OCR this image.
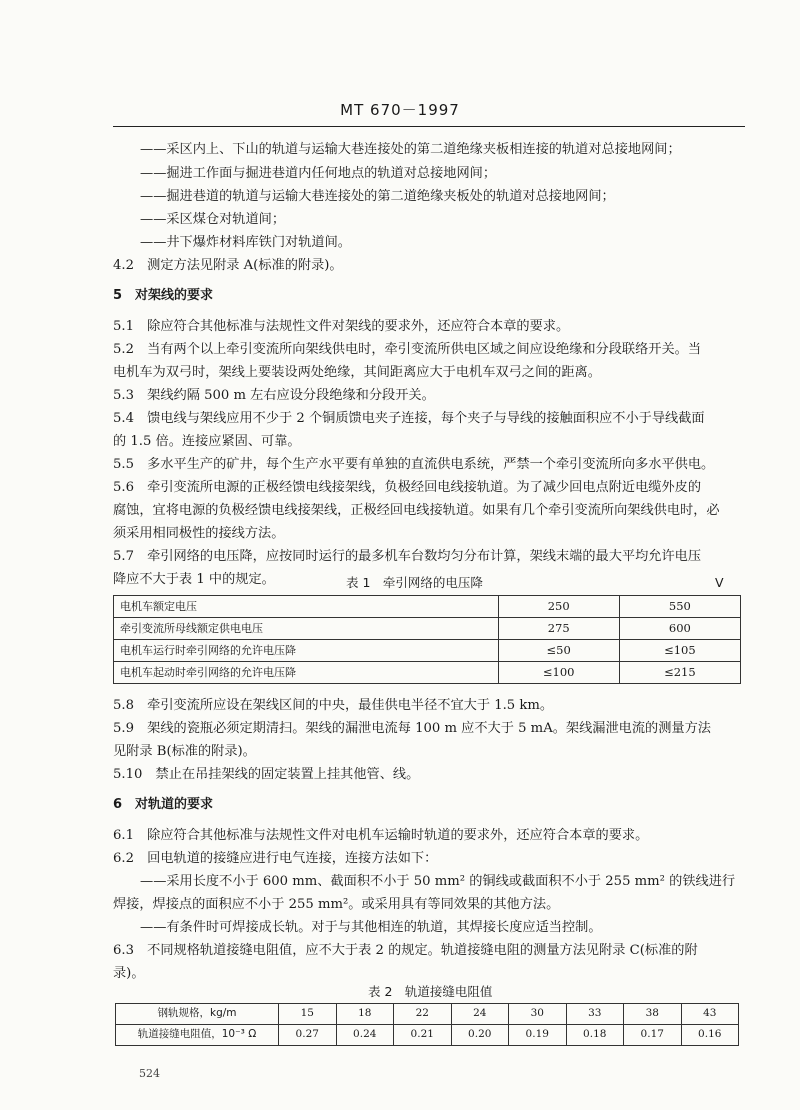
MT 670－1997
——采区内上、下山的轨道与运输大巷连接处的第二道绝缘夹板相连接的轨道对总接地网间；
——掘进工作面与掘进巷道内任何地点的轨道对总接地网间；
——掘进巷道的轨道与运输大巷连接处的第二道绝缘夹板处的轨道对总接地网间；
——采区煤仓对轨道间；
——井下爆炸材料库铁门对轨道间。
4.2　测定方法见附录 A(标准的附录)。
5　对架线的要求
5.1　除应符合其他标准与法规性文件对架线的要求外，还应符合本章的要求。
5.2　当有两个以上牵引变流所向架线供电时，牵引变流所供电区域之间应设绝缘和分段联络开关。当
电机车为双弓时，架线上要装设两处绝缘，其间距离应大于电机车双弓之间的距离。
5.3　架线约隔 500 m 左右应设分段绝缘和分段开关。
5.4　馈电线与架线应用不少于 2 个铜质馈电夹子连接，每个夹子与导线的接触面积应不小于导线截面
的 1.5 倍。连接应紧固、可靠。
5.5　多水平生产的矿井，每个生产水平要有单独的直流供电系统，严禁一个牵引变流所向多水平供电。
5.6　牵引变流所电源的正极经馈电线接架线，负极经回电线接轨道。为了减少回电点附近电缆外皮的
腐蚀，宜将电源的负极经馈电线接架线，正极经回电线接轨道。如果有几个牵引变流所向架线供电时，必
须采用相同极性的接线方法。
5.7　牵引网络的电压降，应按同时运行的最多机车台数均匀分布计算，架线末端的最大平均允许电压
降应不大于表 1 中的规定。	表 1　牵引网络的电压降	V
电机车额定电压	250	550
牵引变流所母线额定供电电压	275	600
电机车运行时牵引网络的允许电压降	≤50	≤105
电机车起动时牵引网络的允许电压降	≤100	≤215
5.8　牵引变流所应设在架线区间的中央，最佳供电半径不宜大于 1.5 km。
5.9　架线的瓷瓶必须定期清扫。架线的漏泄电流每 100 m 应不大于 5 mA。架线漏泄电流的测量方法
见附录 B(标准的附录)。
5.10　禁止在吊挂架线的固定装置上挂其他管、线。
6　对轨道的要求
6.1　除应符合其他标准与法规性文件对电机车运输时轨道的要求外，还应符合本章的要求。
6.2　回电轨道的接缝应进行电气连接，连接方法如下：
——采用长度不小于 600 mm、截面积不小于 50 mm² 的铜线或截面积不小于 255 mm² 的铁线进行
焊接，焊接点的面积应不小于 255 mm²。或采用具有等同效果的其他方法。
——有条件时可焊接成长轨。对于与其他相连的轨道，其焊接长度应适当控制。
6.3　不同规格轨道接缝电阻值，应不大于表 2 的规定。轨道接缝电阻的测量方法见附录 C(标准的附
录)。
表 2　轨道接缝电阻值
钢轨规格，kg/m	15	18	22	24	30	33	38	43
轨道接缝电阻值，10⁻³ Ω	0.27	0.24	0.21	0.20	0.19	0.18	0.17	0.16
524
